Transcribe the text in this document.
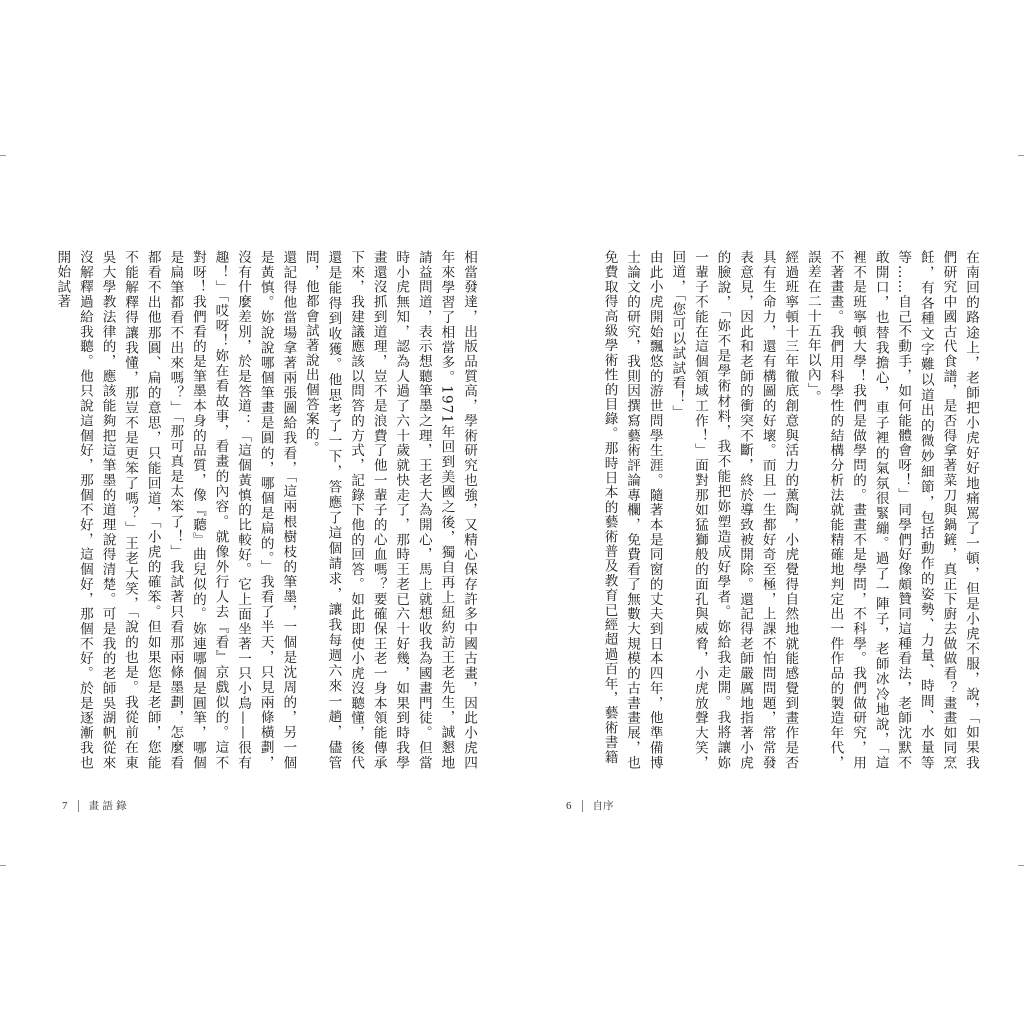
相當發達，出版品質高，學術研究也強，又精心保存許多中國古畫，因此小虎四年來學習了相當多。1971年回到美國之後，獨自再上紐約訪王老先生，誠懇地請益問道，表示想聽筆墨之理，王老大為開心，馬上就想收我為國畫門徒。但當時小虎無知，認為人過了六十歲就快走了，那時王老已六十好幾，如果到時我學畫還沒抓到道理，豈不是浪費了他一輩子的心血嗎？要確保王老一身本領能傳承下來，我建議應該以問答的方式，記錄下他的回答。如此即使小虎沒聽懂，後代還是能得到收獲。他思考了一下，答應了這個請求，讓我每週六來一趟，儘管問，他都會試著說出個答案的。

還記得他當場拿著兩張圖給我看，「這兩根樹枝的筆墨，一個是沈周的，另一個是黃慎。妳說說哪個筆畫是圓的，哪個是扁的。」我看了半天，只見兩條橫劃，沒有什麼差別，於是答道：「這個黃慎的比較好。它上面坐著一只小鳥——很有趣！」「哎呀！妳在看故事，看畫的內容。就像外行人去『看』京戲似的。這不對呀！我們看的是筆墨本身的品質，像『聽』曲兒似的。妳連哪個是圓筆，哪個是扁筆都看不出來嗎？」「那可真是太笨了！」我試著只看那兩條墨劃，怎麼看都看不出他那圓、扁的意思，只能回道，「小虎的確笨。但如果您是老師，您能不能解釋得讓我懂，那豈不是更笨了嗎？」王老大笑，「說的也是。我從前在東吳大學教法律的，應該能夠把這筆墨的道理說得清楚。可是我的老師吳湖帆從來沒解釋過給我聽。他只說這個好，那個不好，這個好，那個不好。於是逐漸我也開始試著

7 畫 語 錄

在南回的路途上，老師把小虎好好地痛罵了一頓，但是小虎不服，說，「如果我們研究中國古代食譜，是否得拿著菜刀與鍋鏟，真正下廚去做做看？畫畫如同烹飪，有各種文字難以道出的微妙細節，包括動作的姿勢、力量、時間、水量等等……自己不動手，如何能體會呀！」同學們好像頗贊同這種看法，老師沈默不敢開口，也替我擔心，車子裡的氣氛很緊繃。過了一陣子，老師冰冷地說，「這裡不是班寧頓大學！我們是做學問的。畫畫不是學問，不科學。我們做研究，用不著畫畫。我們用科學性的結構分析法就能精確地判定出一件作品的製造年代，誤差在二十五年以內」。

經過班寧頓十三年徹底創意與活力的薰陶，小虎覺得自然地就能感覺到畫作是否具有生命力，還有構圖的好壞。而且一生都好奇至極，上課不怕問問題，常常發表意見，因此和老師的衝突不斷，終於導致被開除。還記得老師嚴厲地指著小虎的臉說，「妳不是學術材料，我不能把妳塑造成好學者。妳給我走開。我將讓妳一輩子不能在這個領域工作！」面對那如猛獅般的面孔與威脅，小虎放聲大笑，回道，「您可以試試看！」

由此小虎開始飄悠的游世問學生涯。隨著本是同窗的丈夫到日本四年，他準備博士論文的研究，我則因撰寫藝術評論專欄，免費看了無數大規模的古書畫展，也免費取得高級學術性的目錄。那時日本的藝術普及教育已經超過百年，藝術書籍

6 自序
